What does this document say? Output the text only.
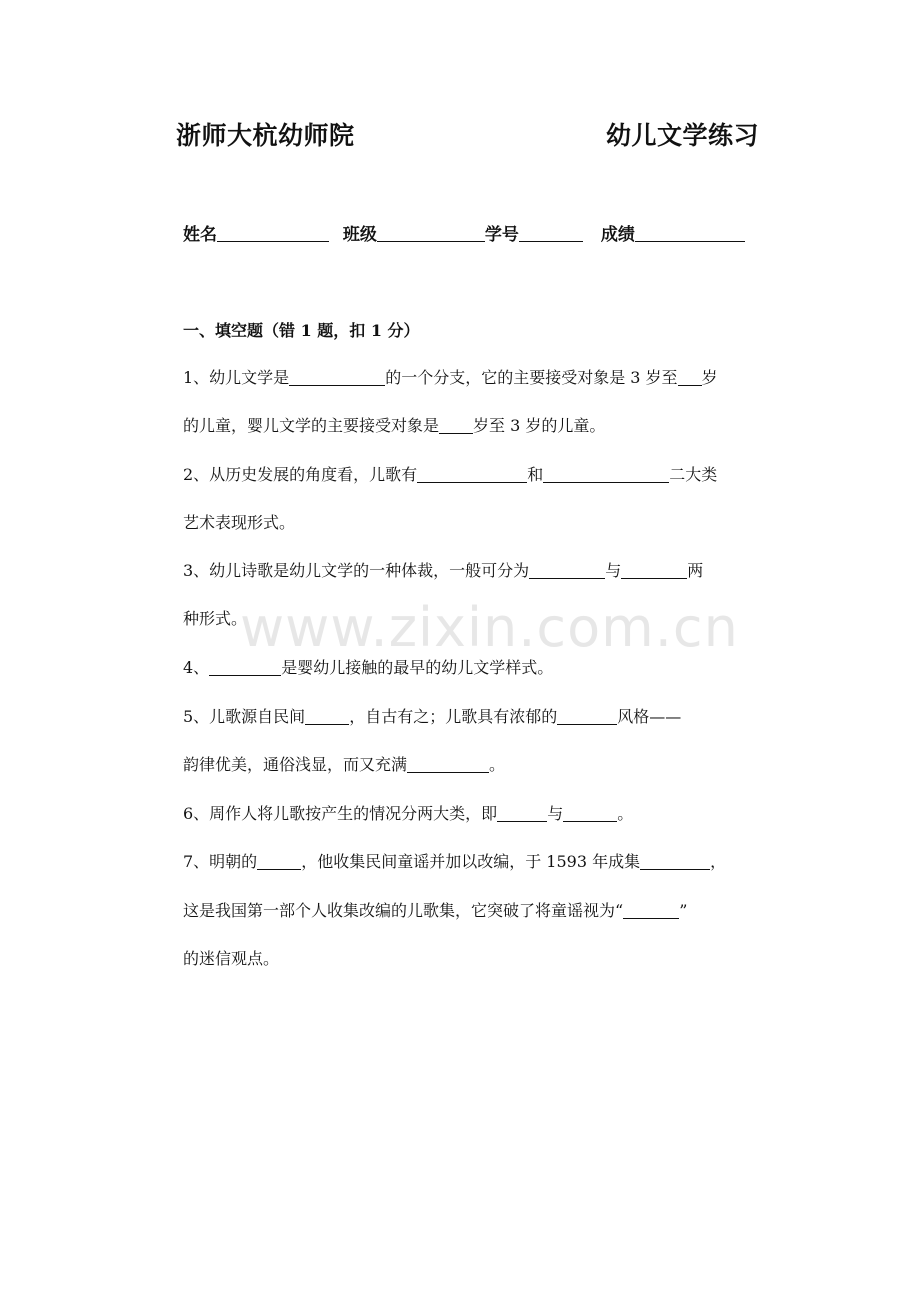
浙师大杭幼师院	幼儿文学练习
姓名	班级	学号	成绩
一、填空题（错 1 题，扣 1 分）
1、幼儿文学是	的一个分支，它的主要接受对象是 3 岁至 岁
的儿童，婴儿文学的主要接受对象是 岁至 3 岁的儿童。
2、从历史发展的角度看，儿歌有	和	二大类
艺术表现形式。
3、幼儿诗歌是幼儿文学的一种体裁，一般可分为	与	两
种形式。
4、	是婴幼儿接触的最早的幼儿文学样式。
5、儿歌源自民间	，自古有之；儿歌具有浓郁的	风格——
韵律优美，通俗浅显，而又充满	。
6、周作人将儿歌按产生的情况分两大类，即	与	。
7、明朝的	，他收集民间童谣并加以改编，于 1593 年成集	，
这是我国第一部个人收集改编的儿歌集，它突破了将童谣视为“	”
的迷信观点。
www.zixin.com.cn
